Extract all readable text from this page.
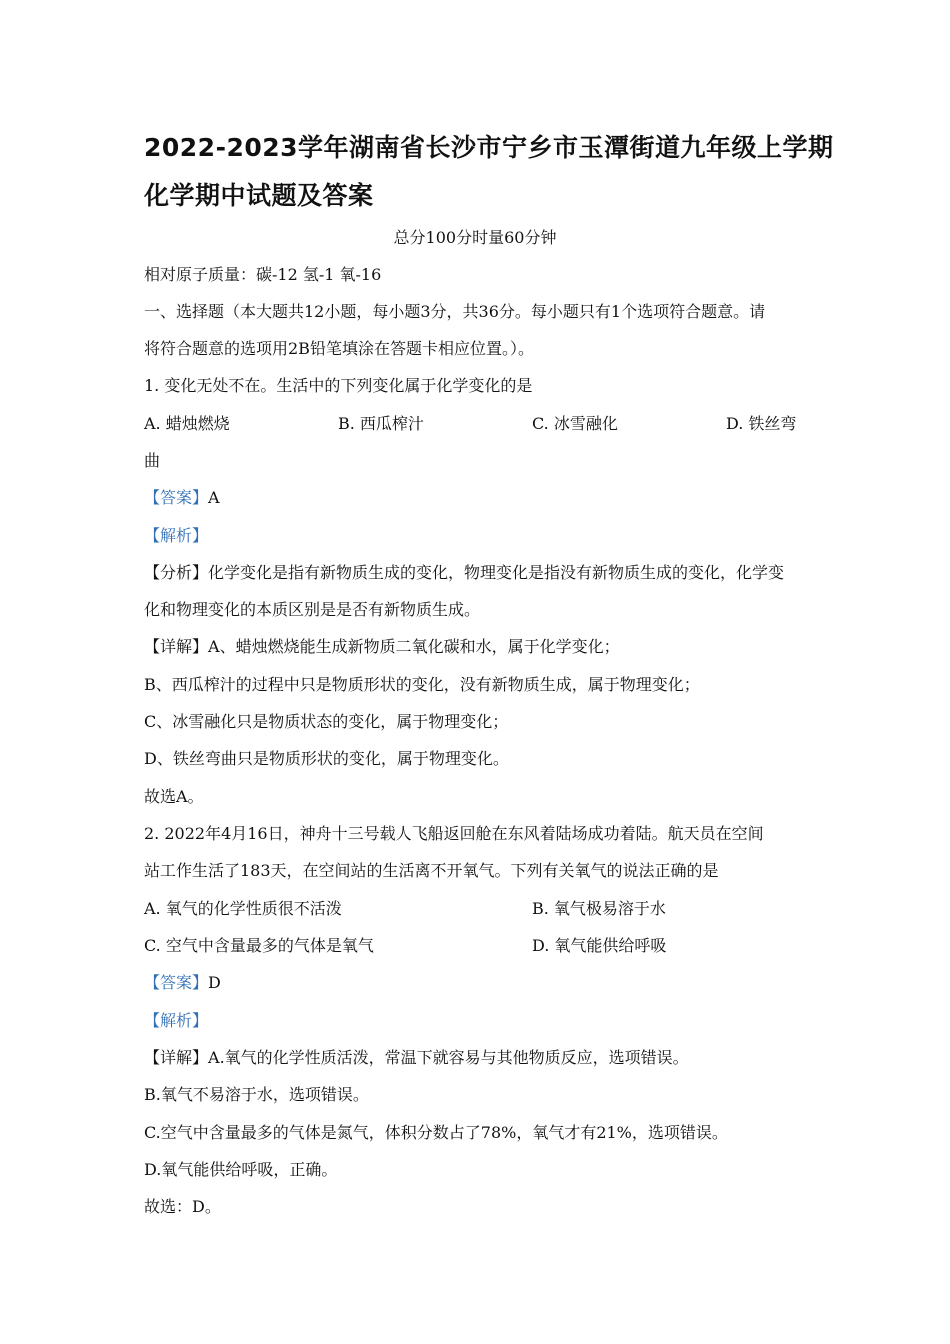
2022-2023学年湖南省长沙市宁乡市玉潭街道九年级上学期
化学期中试题及答案
总分100分时量60分钟
相对原子质量：碳-12 氢-1 氧-16
一、选择题（本大题共12小题，每小题3分，共36分。每小题只有1个选项符合题意。请
将符合题意的选项用2B铅笔填涂在答题卡相应位置。）。
1. 变化无处不在。生活中的下列变化属于化学变化的是
A. 蜡烛燃烧	B. 西瓜榨汁	C. 冰雪融化	D. 铁丝弯
曲
【答案】A
【解析】
【分析】化学变化是指有新物质生成的变化，物理变化是指没有新物质生成的变化，化学变
化和物理变化的本质区别是是否有新物质生成。
【详解】A、蜡烛燃烧能生成新物质二氧化碳和水，属于化学变化；
B、西瓜榨汁的过程中只是物质形状的变化，没有新物质生成，属于物理变化；
C、冰雪融化只是物质状态的变化，属于物理变化；
D、铁丝弯曲只是物质形状的变化，属于物理变化。
故选A。
2. 2022年4月16日，神舟十三号载人飞船返回舱在东风着陆场成功着陆。航天员在空间
站工作生活了183天，在空间站的生活离不开氧气。下列有关氧气的说法正确的是
A. 氧气的化学性质很不活泼	B. 氧气极易溶于水
C. 空气中含量最多的气体是氧气	D. 氧气能供给呼吸
【答案】D
【解析】
【详解】A.氧气的化学性质活泼，常温下就容易与其他物质反应，选项错误。
B.氧气不易溶于水，选项错误。
C.空气中含量最多的气体是氮气，体积分数占了78%，氧气才有21%，选项错误。
D.氧气能供给呼吸，正确。
故选：D。
